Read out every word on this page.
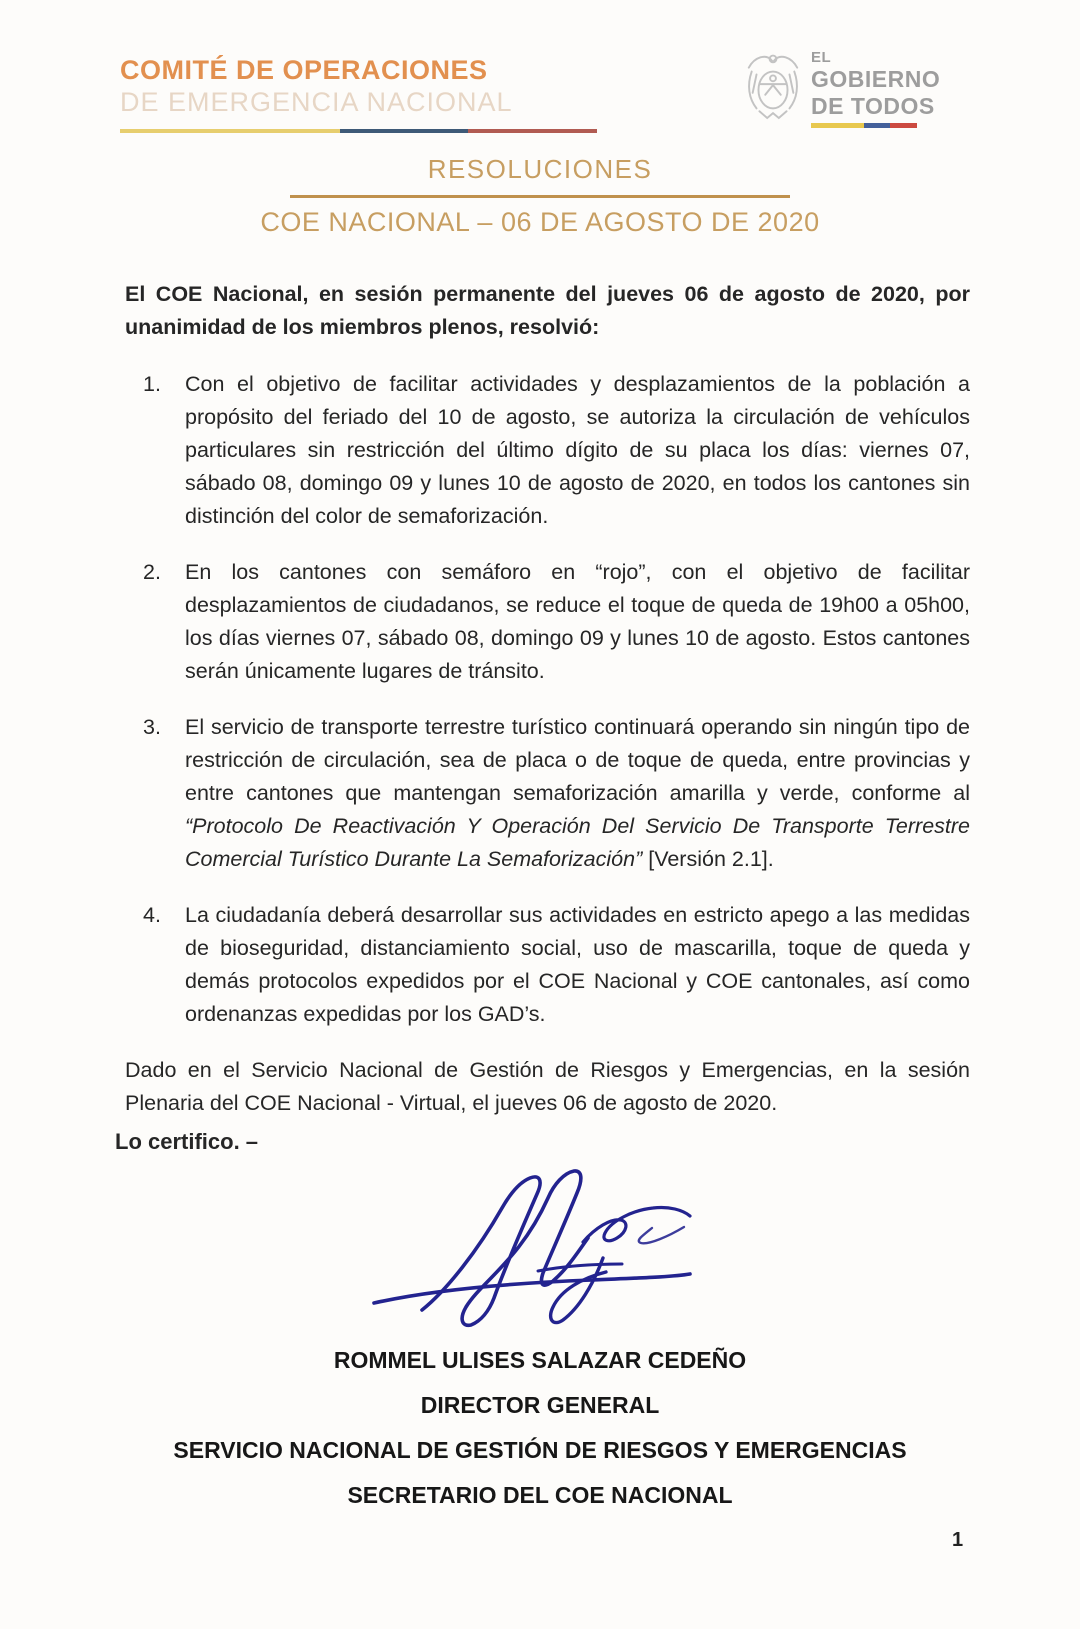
COMITÉ DE OPERACIONES
DE EMERGENCIA NACIONAL
EL
GOBIERNO
DE TODOS
RESOLUCIONES
COE NACIONAL – 06 DE AGOSTO DE 2020
El COE Nacional, en sesión permanente del jueves 06 de agosto de 2020, por unanimidad de los miembros plenos, resolvió:
1. Con el objetivo de facilitar actividades y desplazamientos de la población a propósito del feriado del 10 de agosto, se autoriza la circulación de vehículos particulares sin restricción del último dígito de su placa los días: viernes 07, sábado 08, domingo 09 y lunes 10 de agosto de 2020, en todos los cantones sin distinción del color de semaforización.
2. En los cantones con semáforo en “rojo”, con el objetivo de facilitar desplazamientos de ciudadanos, se reduce el toque de queda de 19h00 a 05h00, los días viernes 07, sábado 08, domingo 09 y lunes 10 de agosto. Estos cantones serán únicamente lugares de tránsito.
3. El servicio de transporte terrestre turístico continuará operando sin ningún tipo de restricción de circulación, sea de placa o de toque de queda, entre provincias y entre cantones que mantengan semaforización amarilla y verde, conforme al “Protocolo De Reactivación Y Operación Del Servicio De Transporte Terrestre Comercial Turístico Durante La Semaforización” [Versión 2.1].
4. La ciudadanía deberá desarrollar sus actividades en estricto apego a las medidas de bioseguridad, distanciamiento social, uso de mascarilla, toque de queda y demás protocolos expedidos por el COE Nacional y COE cantonales, así como ordenanzas expedidas por los GAD’s.
Dado en el Servicio Nacional de Gestión de Riesgos y Emergencias, en la sesión Plenaria del COE Nacional - Virtual, el jueves 06 de agosto de 2020.
Lo certifico. –
ROMMEL ULISES SALAZAR CEDEÑO
DIRECTOR GENERAL
SERVICIO NACIONAL DE GESTIÓN DE RIESGOS Y EMERGENCIAS
SECRETARIO DEL COE NACIONAL
1
